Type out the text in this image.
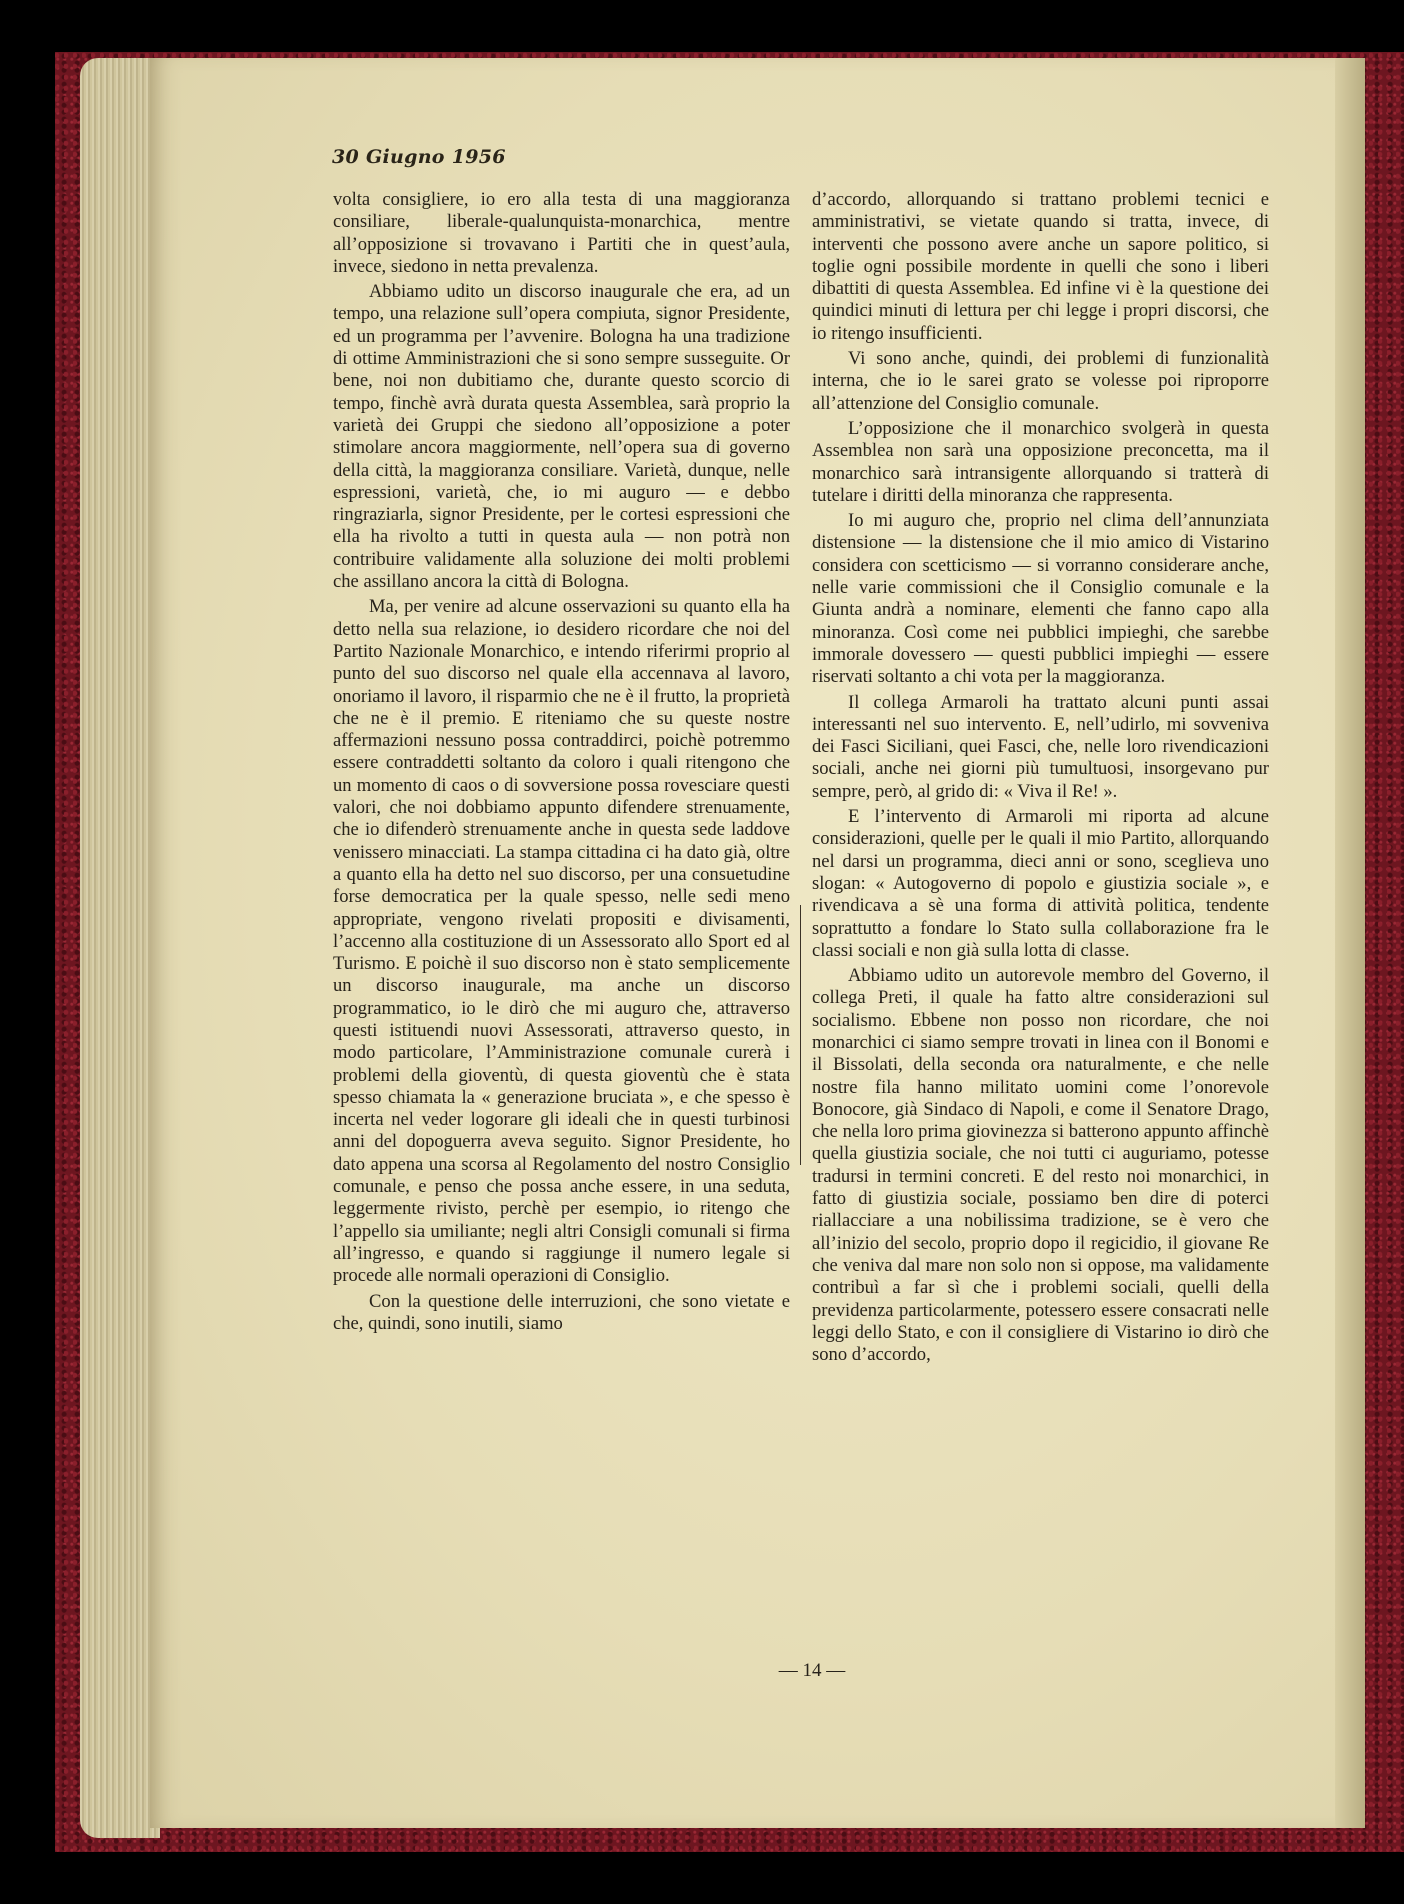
30 Giugno 1956

volta consigliere, io ero alla testa di una maggioranza consiliare, liberale-qualunquista-monarchica, mentre all’opposizione si trovavano i Partiti che in quest’aula, invece, siedono in netta prevalenza.

Abbiamo udito un discorso inaugurale che era, ad un tempo, una relazione sull’opera compiuta, signor Presidente, ed un programma per l’avvenire. Bologna ha una tradizione di ottime Amministrazioni che si sono sempre susseguite. Or bene, noi non dubitiamo che, durante questo scorcio di tempo, finchè avrà durata questa Assemblea, sarà proprio la varietà dei Gruppi che siedono all’opposizione a poter stimolare ancora maggiormente, nell’opera sua di governo della città, la maggioranza consiliare. Varietà, dunque, nelle espressioni, varietà, che, io mi auguro — e debbo ringraziarla, signor Presidente, per le cortesi espressioni che ella ha rivolto a tutti in questa aula — non potrà non contribuire validamente alla soluzione dei molti problemi che assillano ancora la città di Bologna.

Ma, per venire ad alcune osservazioni su quanto ella ha detto nella sua relazione, io desidero ricordare che noi del Partito Nazionale Monarchico, e intendo riferirmi proprio al punto del suo discorso nel quale ella accennava al lavoro, onoriamo il lavoro, il risparmio che ne è il frutto, la proprietà che ne è il premio. E riteniamo che su queste nostre affermazioni nessuno possa contraddirci, poichè potremmo essere contraddetti soltanto da coloro i quali ritengono che un momento di caos o di sovversione possa rovesciare questi valori, che noi dobbiamo appunto difendere strenuamente, che io difenderò strenuamente anche in questa sede laddove venissero minacciati. La stampa cittadina ci ha dato già, oltre a quanto ella ha detto nel suo discorso, per una consuetudine forse democratica per la quale spesso, nelle sedi meno appropriate, vengono rivelati propositi e divisamenti, l’accenno alla costituzione di un Assessorato allo Sport ed al Turismo. E poichè il suo discorso non è stato semplicemente un discorso inaugurale, ma anche un discorso programmatico, io le dirò che mi auguro che, attraverso questi istituendi nuovi Assessorati, attraverso questo, in modo particolare, l’Amministrazione comunale curerà i problemi della gioventù, di questa gioventù che è stata spesso chiamata la « generazione bruciata », e che spesso è incerta nel veder logorare gli ideali che in questi turbinosi anni del dopoguerra aveva seguito. Signor Presidente, ho dato appena una scorsa al Regolamento del nostro Consiglio comunale, e penso che possa anche essere, in una seduta, leggermente rivisto, perchè per esempio, io ritengo che l’appello sia umiliante; negli altri Consigli comunali si firma all’ingresso, e quando si raggiunge il numero legale si procede alle normali operazioni di Consiglio.

Con la questione delle interruzioni, che sono vietate e che, quindi, sono inutili, siamo

d’accordo, allorquando si trattano problemi tecnici e amministrativi, se vietate quando si tratta, invece, di interventi che possono avere anche un sapore politico, si toglie ogni possibile mordente in quelli che sono i liberi dibattiti di questa Assemblea. Ed infine vi è la questione dei quindici minuti di lettura per chi legge i propri discorsi, che io ritengo insufficienti.

Vi sono anche, quindi, dei problemi di funzionalità interna, che io le sarei grato se volesse poi riproporre all’attenzione del Consiglio comunale.

L’opposizione che il monarchico svolgerà in questa Assemblea non sarà una opposizione preconcetta, ma il monarchico sarà intransigente allorquando si tratterà di tutelare i diritti della minoranza che rappresenta.

Io mi auguro che, proprio nel clima dell’annunziata distensione — la distensione che il mio amico di Vistarino considera con scetticismo — si vorranno considerare anche, nelle varie commissioni che il Consiglio comunale e la Giunta andrà a nominare, elementi che fanno capo alla minoranza. Così come nei pubblici impieghi, che sarebbe immorale dovessero — questi pubblici impieghi — essere riservati soltanto a chi vota per la maggioranza.

Il collega Armaroli ha trattato alcuni punti assai interessanti nel suo intervento. E, nell’udirlo, mi sovveniva dei Fasci Siciliani, quei Fasci, che, nelle loro rivendicazioni sociali, anche nei giorni più tumultuosi, insorgevano pur sempre, però, al grido di: « Viva il Re! ».

E l’intervento di Armaroli mi riporta ad alcune considerazioni, quelle per le quali il mio Partito, allorquando nel darsi un programma, dieci anni or sono, sceglieva uno slogan: « Autogoverno di popolo e giustizia sociale », e rivendicava a sè una forma di attività politica, tendente soprattutto a fondare lo Stato sulla collaborazione fra le classi sociali e non già sulla lotta di classe.

Abbiamo udito un autorevole membro del Governo, il collega Preti, il quale ha fatto altre considerazioni sul socialismo. Ebbene non posso non ricordare, che noi monarchici ci siamo sempre trovati in linea con il Bonomi e il Bissolati, della seconda ora naturalmente, e che nelle nostre fila hanno militato uomini come l’onorevole Bonocore, già Sindaco di Napoli, e come il Senatore Drago, che nella loro prima giovinezza si batterono appunto affinchè quella giustizia sociale, che noi tutti ci auguriamo, potesse tradursi in termini concreti. E del resto noi monarchici, in fatto di giustizia sociale, possiamo ben dire di poterci riallacciare a una nobilissima tradizione, se è vero che all’inizio del secolo, proprio dopo il regicidio, il giovane Re che veniva dal mare non solo non si oppose, ma validamente contribuì a far sì che i problemi sociali, quelli della previdenza particolarmente, potessero essere consacrati nelle leggi dello Stato, e con il consigliere di Vistarino io dirò che sono d’accordo,

— 14 —
